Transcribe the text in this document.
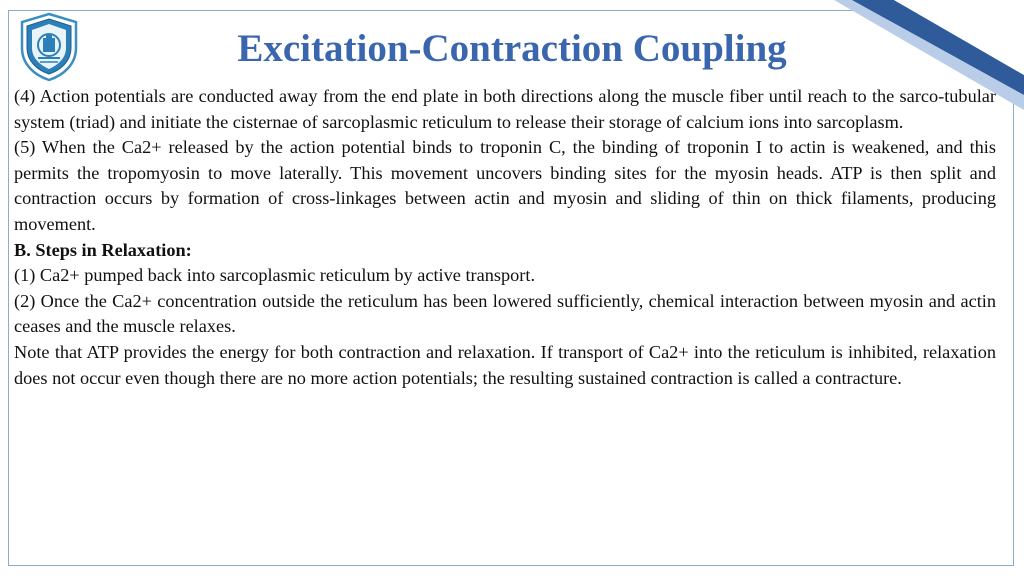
Excitation-Contraction Coupling

(4) Action potentials are conducted away from the end plate in both directions along the muscle fiber until reach to the sarco-tubular system (triad) and initiate the cisternae of sarcoplasmic reticulum to release their storage of calcium ions into sarcoplasm.

(5) When the Ca2+ released by the action potential binds to troponin C, the binding of troponin I to actin is weakened, and this permits the tropomyosin to move laterally. This movement uncovers binding sites for the myosin heads. ATP is then split and contraction occurs by formation of cross-linkages between actin and myosin and sliding of thin on thick filaments, producing movement.

B. Steps in Relaxation:

(1) Ca2+ pumped back into sarcoplasmic reticulum by active transport.

(2) Once the Ca2+ concentration outside the reticulum has been lowered sufficiently, chemical interaction between myosin and actin ceases and the muscle relaxes.

Note that ATP provides the energy for both contraction and relaxation. If transport of Ca2+ into the reticulum is inhibited, relaxation does not occur even though there are no more action potentials; the resulting sustained contraction is called a contracture.
